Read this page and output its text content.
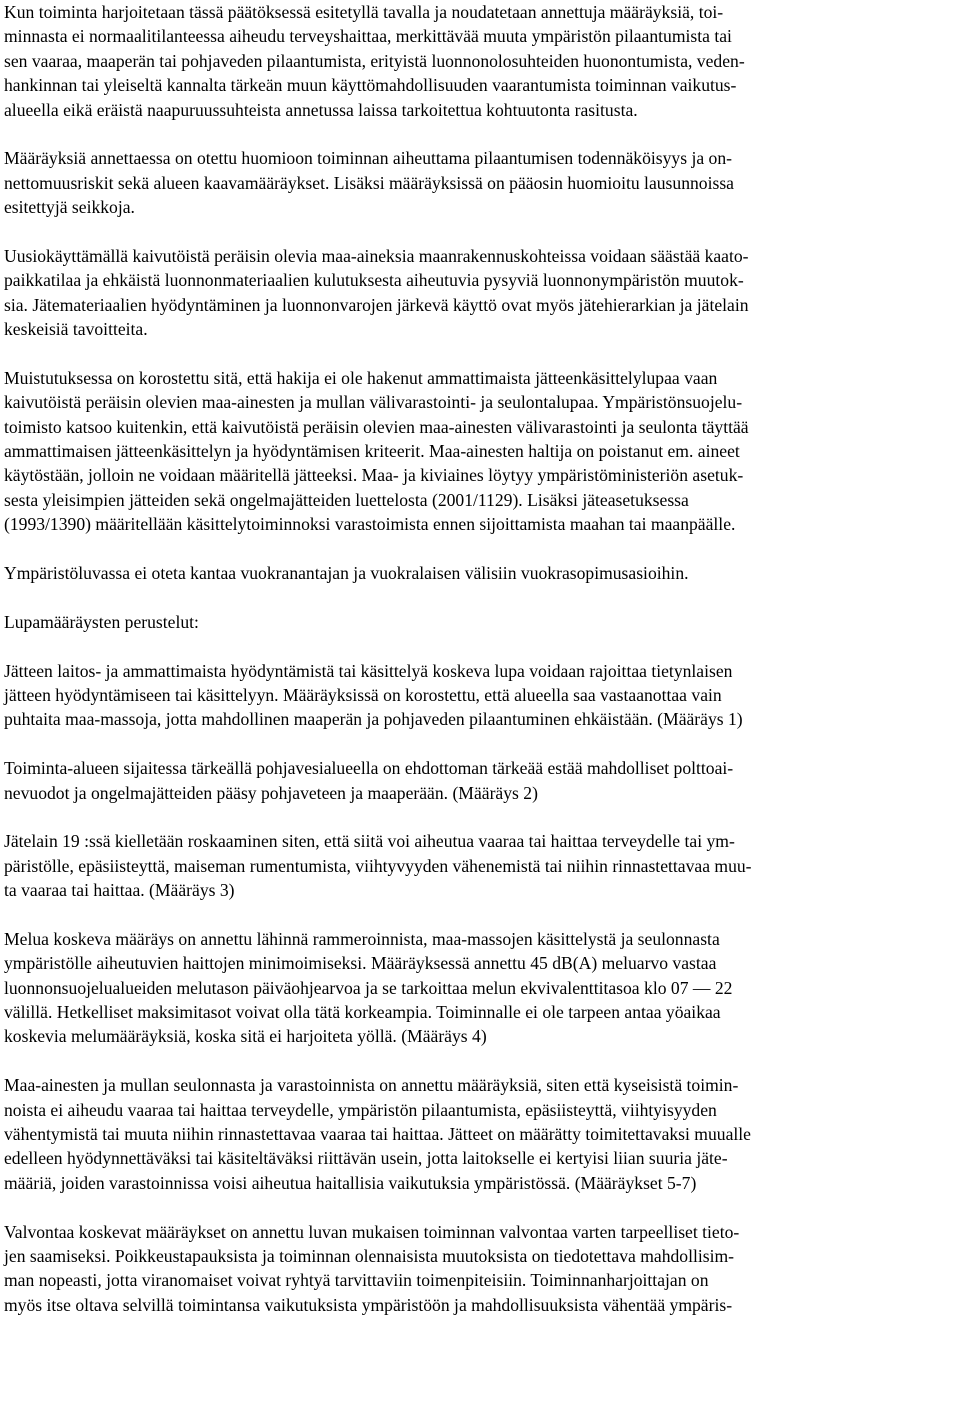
Kun toiminta harjoitetaan tässä päätöksessä esitetyllä tavalla ja noudatetaan annettuja määräyksiä, toi-
minnasta ei normaalitilanteessa aiheudu terveyshaittaa, merkittävää muuta ympäristön pilaantumista tai
sen vaaraa, maaperän tai pohjaveden pilaantumista, erityistä luonnonolosuhteiden huonontumista, veden-
hankinnan tai yleiseltä kannalta tärkeän muun käyttömahdollisuuden vaarantumista toiminnan vaikutus-
alueella eikä eräistä naapuruussuhteista annetussa laissa tarkoitettua kohtuutonta rasitusta.
Määräyksiä annettaessa on otettu huomioon toiminnan aiheuttama pilaantumisen todennäköisyys ja on-
nettomuusriskit sekä alueen kaavamääräykset. Lisäksi määräyksissä on pääosin huomioitu lausunnoissa
esitettyjä seikkoja.
Uusiokäyttämällä kaivutöistä peräisin olevia maa-aineksia maanrakennuskohteissa voidaan säästää kaato-
paikkatilaa ja ehkäistä luonnonmateriaalien kulutuksesta aiheutuvia pysyviä luonnonympäristön muutok-
sia. Jätemateriaalien hyödyntäminen ja luonnonvarojen järkevä käyttö ovat myös jätehierarkian ja jätelain
keskeisiä tavoitteita.
Muistutuksessa on korostettu sitä, että hakija ei ole hakenut ammattimaista jätteenkäsittelylupaa vaan
kaivutöistä peräisin olevien maa-ainesten ja mullan välivarastointi- ja seulontalupaa. Ympäristönsuojelu-
toimisto katsoo kuitenkin, että kaivutöistä peräisin olevien maa-ainesten välivarastointi ja seulonta täyttää
ammattimaisen jätteenkäsittelyn ja hyödyntämisen kriteerit. Maa-ainesten haltija on poistanut em. aineet
käytöstään, jolloin ne voidaan määritellä jätteeksi. Maa- ja kiviaines löytyy ympäristöministeriön asetuk-
sesta yleisimpien jätteiden sekä ongelmajätteiden luettelosta (2001/1129). Lisäksi jäteasetuksessa
(1993/1390) määritellään käsittelytoiminnoksi varastoimista ennen sijoittamista maahan tai maanpäälle.
Ympäristöluvassa ei oteta kantaa vuokranantajan ja vuokralaisen välisiin vuokrasopimusasioihin.
Lupamääräysten perustelut:
Jätteen laitos- ja ammattimaista hyödyntämistä tai käsittelyä koskeva lupa voidaan rajoittaa tietynlaisen
jätteen hyödyntämiseen tai käsittelyyn. Määräyksissä on korostettu, että alueella saa vastaanottaa vain
puhtaita maa-massoja, jotta mahdollinen maaperän ja pohjaveden pilaantuminen ehkäistään. (Määräys 1)
Toiminta-alueen sijaitessa tärkeällä pohjavesialueella on ehdottoman tärkeää estää mahdolliset polttoai-
nevuodot ja ongelmajätteiden pääsy pohjaveteen ja maaperään. (Määräys 2)
Jätelain 19 :ssä kielletään roskaaminen siten, että siitä voi aiheutua vaaraa tai haittaa terveydelle tai ym-
päristölle, epäsiisteyttä, maiseman rumentumista, viihtyvyyden vähenemistä tai niihin rinnastettavaa muu-
ta vaaraa tai haittaa. (Määräys 3)
Melua koskeva määräys on annettu lähinnä rammeroinnista, maa-massojen käsittelystä ja seulonnasta
ympäristölle aiheutuvien haittojen minimoimiseksi. Määräyksessä annettu 45 dB(A) meluarvo vastaa
luonnonsuojelualueiden melutason päiväohjearvoa ja se tarkoittaa melun ekvivalenttitasoa klo 07 — 22
välillä. Hetkelliset maksimitasot voivat olla tätä korkeampia. Toiminnalle ei ole tarpeen antaa yöaikaa
koskevia melumääräyksiä, koska sitä ei harjoiteta yöllä. (Määräys 4)
Maa-ainesten ja mullan seulonnasta ja varastoinnista on annettu määräyksiä, siten että kyseisistä toimin-
noista ei aiheudu vaaraa tai haittaa terveydelle, ympäristön pilaantumista, epäsiisteyttä, viihtyisyyden
vähentymistä tai muuta niihin rinnastettavaa vaaraa tai haittaa. Jätteet on määrätty toimitettavaksi muualle
edelleen hyödynnettäväksi tai käsiteltäväksi riittävän usein, jotta laitokselle ei kertyisi liian suuria jäte-
määriä, joiden varastoinnissa voisi aiheutua haitallisia vaikutuksia ympäristössä. (Määräykset 5-7)
Valvontaa koskevat määräykset on annettu luvan mukaisen toiminnan valvontaa varten tarpeelliset tieto-
jen saamiseksi. Poikkeustapauksista ja toiminnan olennaisista muutoksista on tiedotettava mahdollisim-
man nopeasti, jotta viranomaiset voivat ryhtyä tarvittaviin toimenpiteisiin. Toiminnanharjoittajan on
myös itse oltava selvillä toimintansa vaikutuksista ympäristöön ja mahdollisuuksista vähentää ympäris-
